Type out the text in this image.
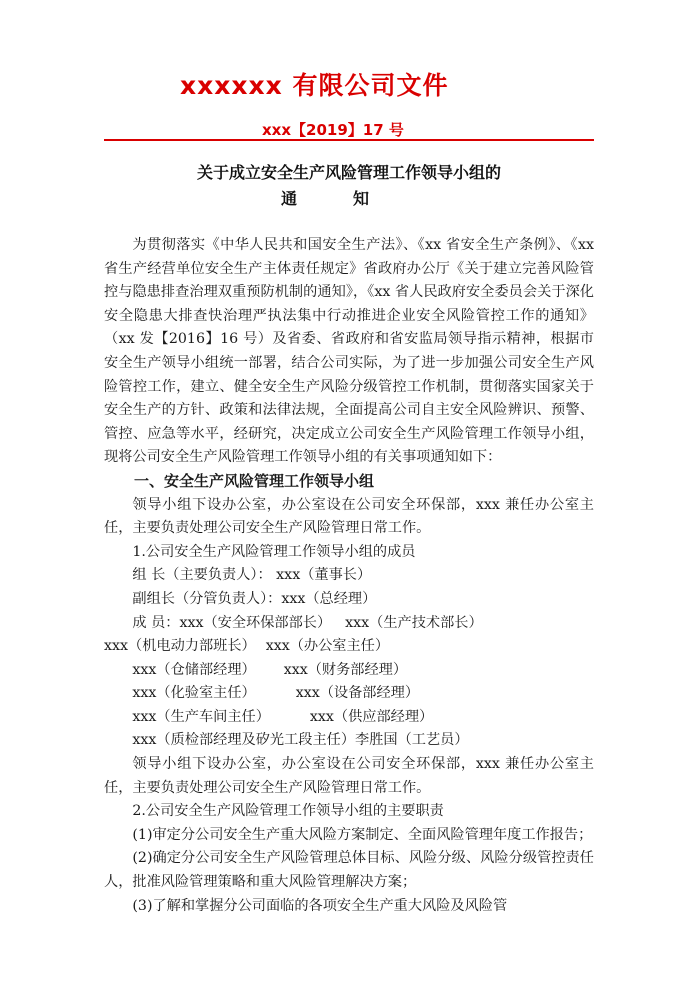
xxxxxx 有限公司文件
xxx【2019】17 号
关于成立安全生产风险管理工作领导小组的
通	知

为贯彻落实《中华人民共和国安全生产法》、《xx 省安全生产条例》、《xx 省生产经营单位安全生产主体责任规定》省政府办公厅《关于建立完善风险管控与隐患排查治理双重预防机制的通知》，《xx 省人民政府安全委员会关于深化安全隐患大排查快治理严执法集中行动推进企业安全风险管控工作的通知》（xx 发【2016】16 号）及省委、省政府和省安监局领导指示精神，根据市安全生产领导小组统一部署，结合公司实际，为了进一步加强公司安全生产风险管控工作，建立、健全安全生产风险分级管控工作机制，贯彻落实国家关于安全生产的方针、政策和法律法规，全面提高公司自主安全风险辨识、预警、管控、应急等水平，经研究，决定成立公司安全生产风险管理工作领导小组，现将公司安全生产风险管理工作领导小组的有关事项通知如下：

一、安全生产风险管理工作领导小组

领导小组下设办公室，办公室设在公司安全环保部，xxx 兼任办公室主任，主要负责处理公司安全生产风险管理日常工作。

1.公司安全生产风险管理工作领导小组的成员

组 长（主要负责人）： xxx（董事长）

副组长（分管负责人）：xxx（总经理）

成 员：xxx（安全环保部部长） xxx（生产技术部长）

xxx（机电动力部班长） xxx（办公室主任）

xxx（仓储部经理） xxx（财务部经理）

xxx（化验室主任）	xxx（设备部经理）

xxx（生产车间主任）	xxx（供应部经理）

xxx（质检部经理及矽光工段主任）李胜国（工艺员）

领导小组下设办公室，办公室设在公司安全环保部，xxx 兼任办公室主任，主要负责处理公司安全生产风险管理日常工作。

2.公司安全生产风险管理工作领导小组的主要职责

(1)审定分公司安全生产重大风险方案制定、全面风险管理年度工作报告；

(2)确定分公司安全生产风险管理总体目标、风险分级、风险分级管控责任人，批准风险管理策略和重大风险管理解决方案；

(3)了解和掌握分公司面临的各项安全生产重大风险及风险管
